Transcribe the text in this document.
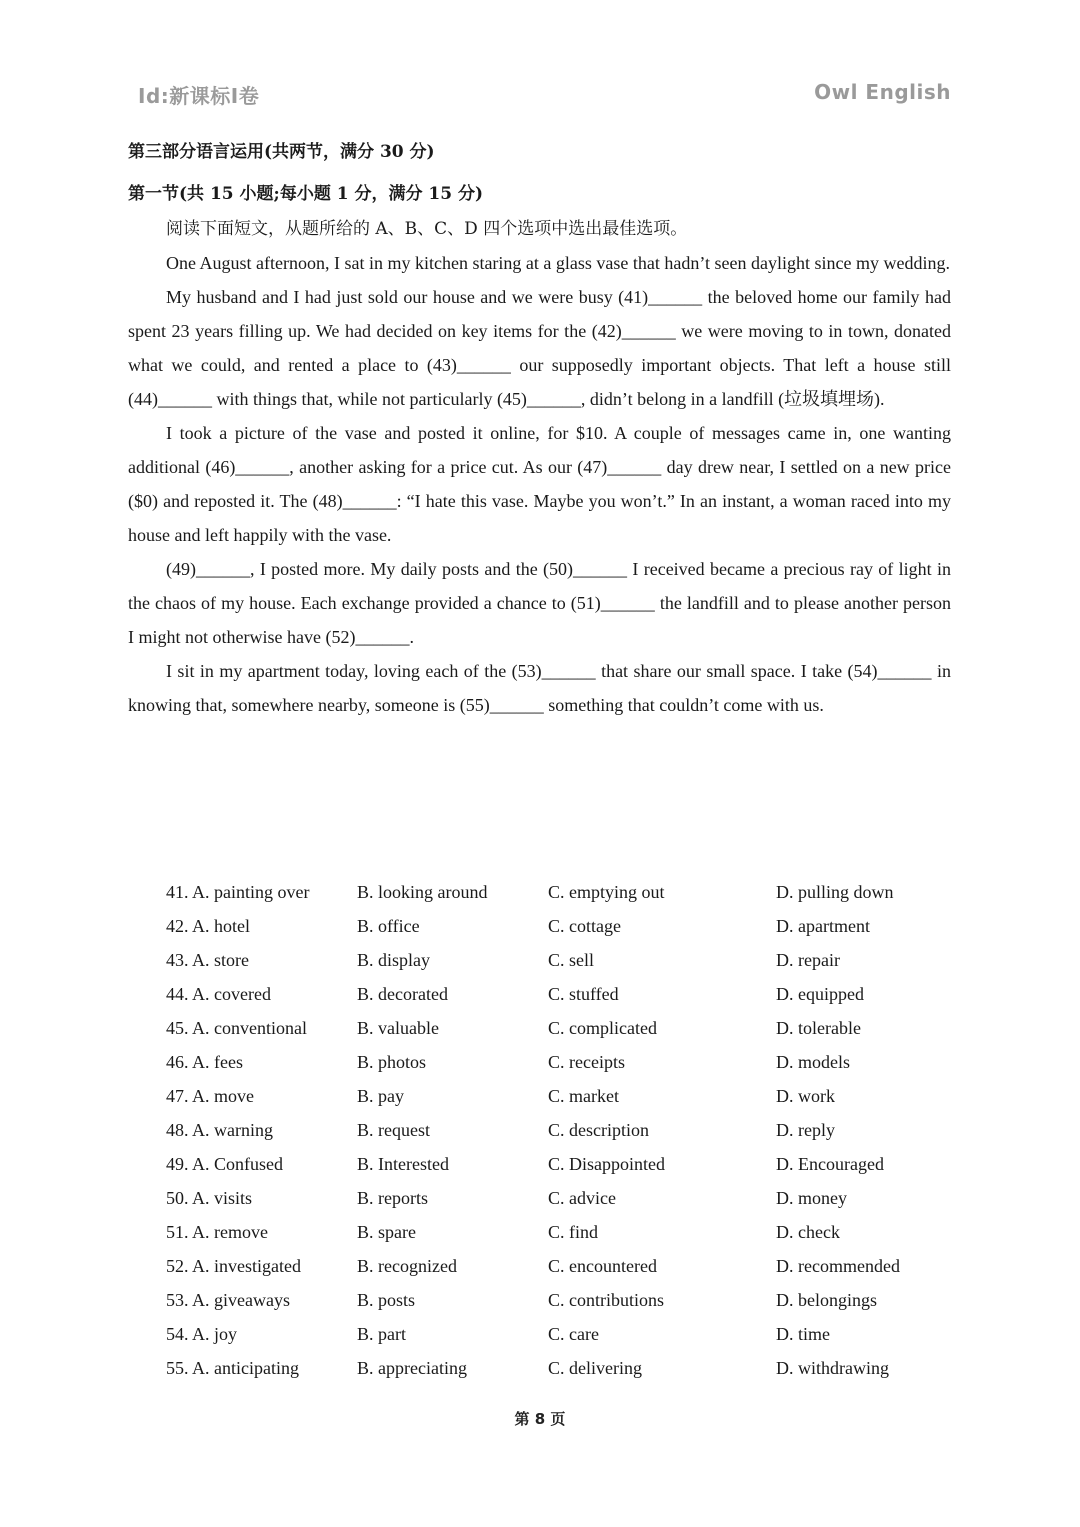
Id:新课标I卷	Owl English

第三部分语言运用(共两节，满分 30 分)

第一节(共 15 小题;每小题 1 分，满分 15 分)

阅读下面短文，从题所给的 A、B、C、D 四个选项中选出最佳选项。

One August afternoon, I sat in my kitchen staring at a glass vase that hadn’t seen daylight since my wedding.

My husband and I had just sold our house and we were busy (41)______ the beloved home our family had spent 23 years filling up. We had decided on key items for the (42)______ we were moving to in town, donated what we could, and rented a place to (43)______ our supposedly important objects. That left a house still (44)______ with things that, while not particularly (45)______, didn’t belong in a landfill (垃圾填埋场).

I took a picture of the vase and posted it online, for $10. A couple of messages came in, one wanting additional (46)______, another asking for a price cut. As our (47)______ day drew near, I settled on a new price ($0) and reposted it. The (48)______: “I hate this vase. Maybe you won’t.” In an instant, a woman raced into my house and left happily with the vase.

(49)______, I posted more. My daily posts and the (50)______ I received became a precious ray of light in the chaos of my house. Each exchange provided a chance to (51)______ the landfill and to please another person I might not otherwise have (52)______.

I sit in my apartment today, loving each of the (53)______ that share our small space. I take (54)______ in knowing that, somewhere nearby, someone is (55)______ something that couldn’t come with us.

41. A. painting over	B. looking around	C. emptying out	D. pulling down
42. A. hotel	B. office	C. cottage	D. apartment
43. A. store	B. display	C. sell	D. repair
44. A. covered	B. decorated	C. stuffed	D. equipped
45. A. conventional	B. valuable	C. complicated	D. tolerable
46. A. fees	B. photos	C. receipts	D. models
47. A. move	B. pay	C. market	D. work
48. A. warning	B. request	C. description	D. reply
49. A. Confused	B. Interested	C. Disappointed	D. Encouraged
50. A. visits	B. reports	C. advice	D. money
51. A. remove	B. spare	C. find	D. check
52. A. investigated	B. recognized	C. encountered	D. recommended
53. A. giveaways	B. posts	C. contributions	D. belongings
54. A. joy	B. part	C. care	D. time
55. A. anticipating	B. appreciating	C. delivering	D. withdrawing
第 8 页
